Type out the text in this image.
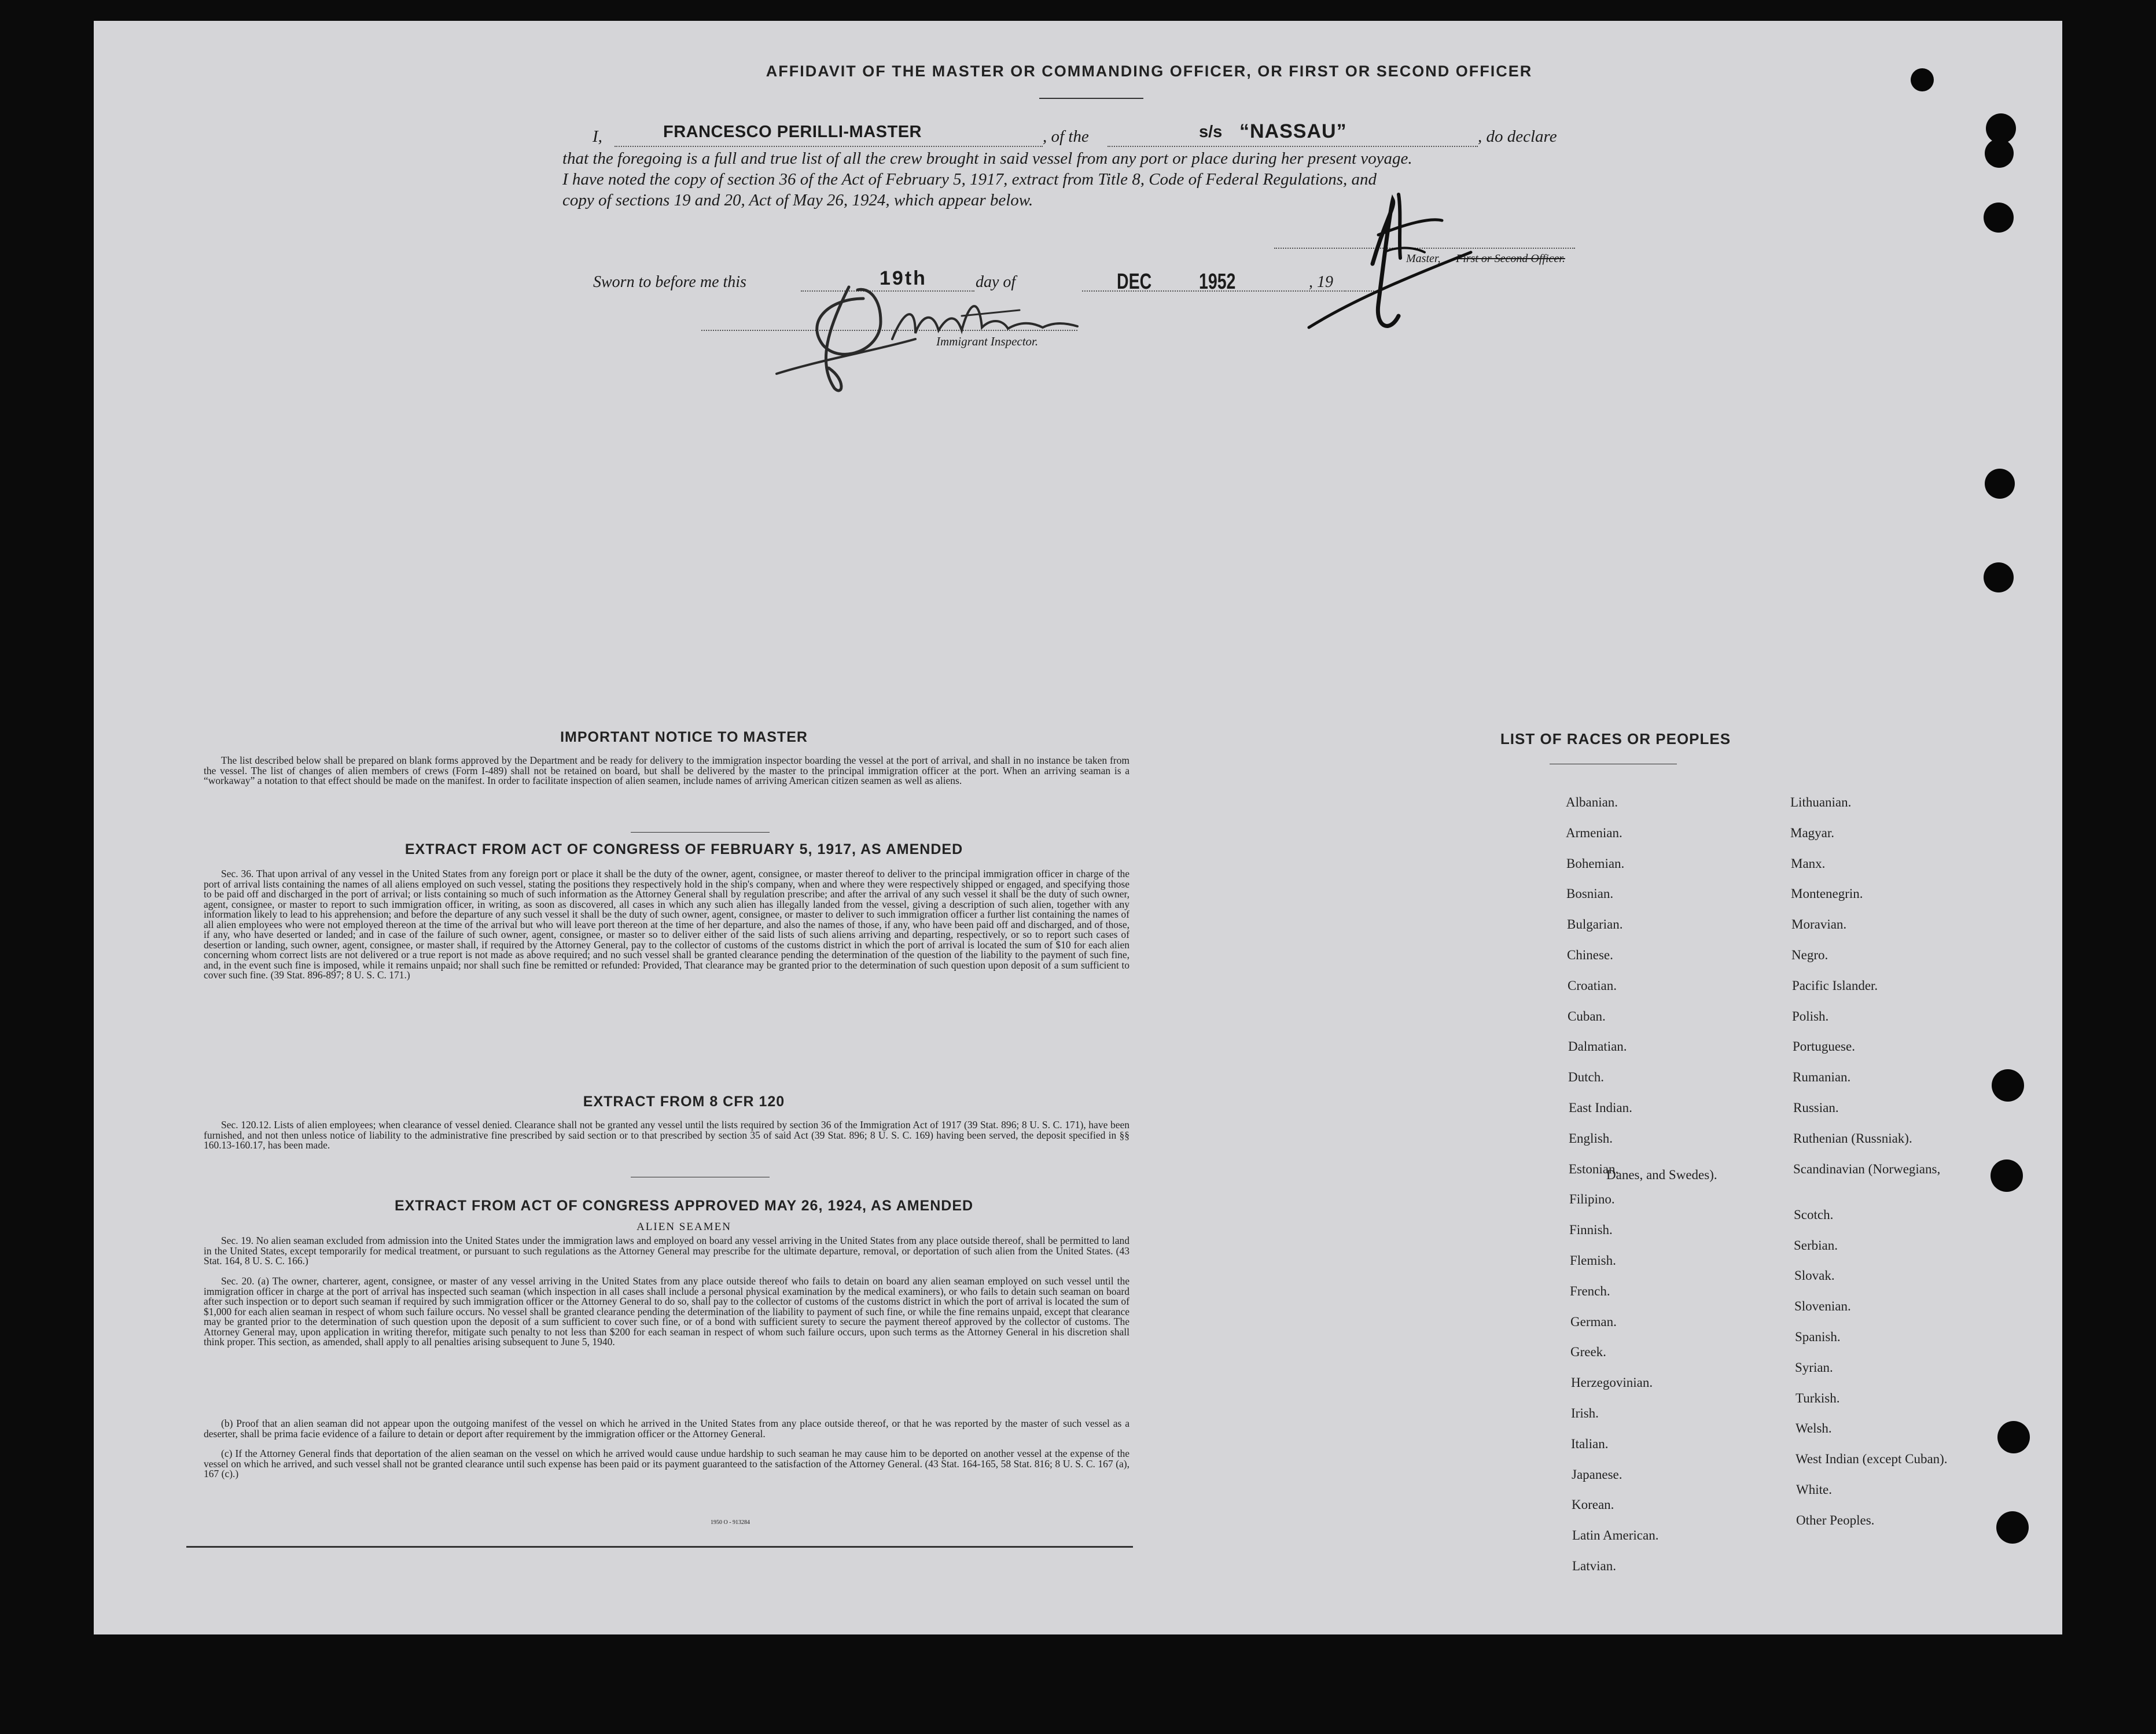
AFFIDAVIT OF THE MASTER OR COMMANDING OFFICER, OR FIRST OR SECOND OFFICER
I,	FRANCESCO PERILLI-MASTER	, of the	s/s “NASSAU”	, do declare
that the foregoing is a full and true list of all the crew brought in said vessel from any port or place during her present voyage.
I have noted the copy of section 36 of the Act of February 5, 1917, extract from Title 8, Code of Federal Regulations, and
copy of sections 19 and 20, Act of May 26, 1924, which appear below.
Master, First or Second Officer.
Sworn to before me this	19th	day of	DEC 1952	, 19
Immigrant Inspector.
IMPORTANT NOTICE TO MASTER
The list described below shall be prepared on blank forms approved by the Department and be ready for delivery to the immigration inspector boarding the vessel at the port of arrival, and shall in no instance be taken from the vessel. The list of changes of alien members of crews (Form I-489) shall not be retained on board, but shall be delivered by the master to the principal immigration officer at the port. When an arriving seaman is a “workaway” a notation to that effect should be made on the manifest. In order to facilitate inspection of alien seamen, include names of arriving American citizen seamen as well as aliens.
EXTRACT FROM ACT OF CONGRESS OF FEBRUARY 5, 1917, AS AMENDED
Sec. 36. That upon arrival of any vessel in the United States from any foreign port or place it shall be the duty of the owner, agent, consignee, or master thereof to deliver to the principal immigration officer in charge of the port of arrival lists containing the names of all aliens employed on such vessel, stating the positions they respectively hold in the ship's company, when and where they were respectively shipped or engaged, and specifying those to be paid off and discharged in the port of arrival; or lists containing so much of such information as the Attorney General shall by regulation prescribe; and after the arrival of any such vessel it shall be the duty of such owner, agent, consignee, or master to report to such immigration officer, in writing, as soon as discovered, all cases in which any such alien has illegally landed from the vessel, giving a description of such alien, together with any information likely to lead to his apprehension; and before the departure of any such vessel it shall be the duty of such owner, agent, consignee, or master to deliver to such immigration officer a further list containing the names of all alien employees who were not employed thereon at the time of the arrival but who will leave port thereon at the time of her departure, and also the names of those, if any, who have been paid off and discharged, and of those, if any, who have deserted or landed; and in case of the failure of such owner, agent, consignee, or master so to deliver either of the said lists of such aliens arriving and departing, respectively, or so to report such cases of desertion or landing, such owner, agent, consignee, or master shall, if required by the Attorney General, pay to the collector of customs of the customs district in which the port of arrival is located the sum of $10 for each alien concerning whom correct lists are not delivered or a true report is not made as above required; and no such vessel shall be granted clearance pending the determination of the question of the liability to the payment of such fine, and, in the event such fine is imposed, while it remains unpaid; nor shall such fine be remitted or refunded: Provided, That clearance may be granted prior to the determination of such question upon deposit of a sum sufficient to cover such fine. (39 Stat. 896-897; 8 U. S. C. 171.)
EXTRACT FROM 8 CFR 120
Sec. 120.12. Lists of alien employees; when clearance of vessel denied. Clearance shall not be granted any vessel until the lists required by section 36 of the Immigration Act of 1917 (39 Stat. 896; 8 U. S. C. 171), have been furnished, and not then unless notice of liability to the administrative fine prescribed by said section or to that prescribed by section 35 of said Act (39 Stat. 896; 8 U. S. C. 169) having been served, the deposit specified in §§ 160.13-160.17, has been made.
EXTRACT FROM ACT OF CONGRESS APPROVED MAY 26, 1924, AS AMENDED
ALIEN SEAMEN
Sec. 19. No alien seaman excluded from admission into the United States under the immigration laws and employed on board any vessel arriving in the United States from any place outside thereof, shall be permitted to land in the United States, except temporarily for medical treatment, or pursuant to such regulations as the Attorney General may prescribe for the ultimate departure, removal, or deportation of such alien from the United States. (43 Stat. 164, 8 U. S. C. 166.)
Sec. 20. (a) The owner, charterer, agent, consignee, or master of any vessel arriving in the United States from any place outside thereof who fails to detain on board any alien seaman employed on such vessel until the immigration officer in charge at the port of arrival has inspected such seaman (which inspection in all cases shall include a personal physical examination by the medical examiners), or who fails to detain such seaman on board after such inspection or to deport such seaman if required by such immigration officer or the Attorney General to do so, shall pay to the collector of customs of the customs district in which the port of arrival is located the sum of $1,000 for each alien seaman in respect of whom such failure occurs. No vessel shall be granted clearance pending the determination of the liability to payment of such fine, or while the fine remains unpaid, except that clearance may be granted prior to the determination of such question upon the deposit of a sum sufficient to cover such fine, or of a bond with sufficient surety to secure the payment thereof approved by the collector of customs. The Attorney General may, upon application in writing therefor, mitigate such penalty to not less than $200 for each seaman in respect of whom such failure occurs, upon such terms as the Attorney General in his discretion shall think proper. This section, as amended, shall apply to all penalties arising subsequent to June 5, 1940.
(b) Proof that an alien seaman did not appear upon the outgoing manifest of the vessel on which he arrived in the United States from any place outside thereof, or that he was reported by the master of such vessel as a deserter, shall be prima facie evidence of a failure to detain or deport after requirement by the immigration officer or the Attorney General.
(c) If the Attorney General finds that deportation of the alien seaman on the vessel on which he arrived would cause undue hardship to such seaman he may cause him to be deported on another vessel at the expense of the vessel on which he arrived, and such vessel shall not be granted clearance until such expense has been paid or its payment guaranteed to the satisfaction of the Attorney General. (43 Stat. 164-165, 58 Stat. 816; 8 U. S. C. 167 (a), 167 (c).)
1950 O - 913284
LIST OF RACES OR PEOPLES
Albanian.
Armenian.
Bohemian.
Bosnian.
Bulgarian.
Chinese.
Croatian.
Cuban.
Dalmatian.
Dutch.
East Indian.
English.
Estonian.
Filipino.
Finnish.
Flemish.
French.
German.
Greek.
Herzegovinian.
Irish.
Italian.
Japanese.
Korean.
Latin American.
Latvian.
Lithuanian.
Magyar.
Manx.
Montenegrin.
Moravian.
Negro.
Pacific Islander.
Polish.
Portuguese.
Rumanian.
Russian.
Ruthenian (Russniak).
Scandinavian (Norwegians,
Scotch.
Serbian.
Slovak.
Slovenian.
Spanish.
Syrian.
Turkish.
Welsh.
West Indian (except Cuban).
White.
Other Peoples.
Danes, and Swedes).
